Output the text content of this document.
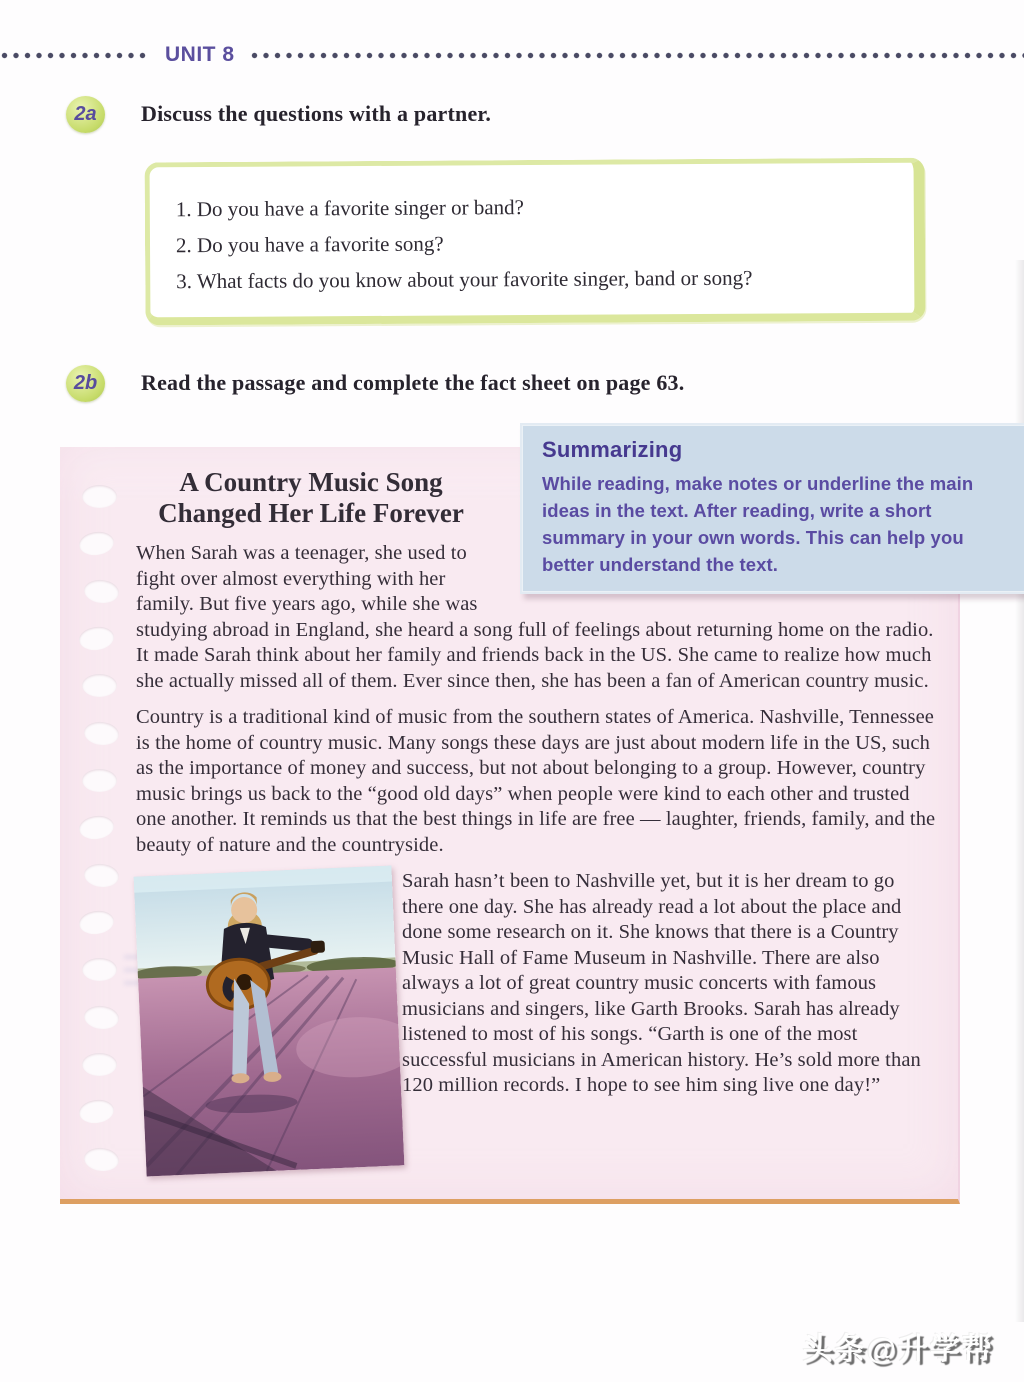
UNIT 8
2a	Discuss the questions with a partner.

1. Do you have a favorite singer or band?

2. Do you have a favorite song?

3. What facts do you know about your favorite singer, band or song?

2b	Read the passage and complete the fact sheet on page 63.
Summarizing

While reading, make notes or underline the main ideas in the text. After reading, write a short summary in your own words. This can help you better understand the text.

A Country Music Song
Changed Her Life Forever

When Sarah was a teenager, she used to fight over almost everything with her family. But five years ago, while she was studying abroad in England, she heard a song full of feelings about returning home on the radio. It made Sarah think about her family and friends back in the US. She came to realize how much she actually missed all of them. Ever since then, she has been a fan of American country music.

Country is a traditional kind of music from the southern states of America. Nashville, Tennessee is the home of country music. Many songs these days are just about modern life in the US, such as the importance of money and success, but not about belonging to a group. However, country music brings us back to the “good old days” when people were kind to each other and trusted one another. It reminds us that the best things in life are free — laughter, friends, family, and the beauty of nature and the countryside.

Sarah hasn’t been to Nashville yet, but it is her dream to go there one day. She has already read a lot about the place and done some research on it. She knows that there is a Country Music Hall of Fame Museum in Nashville. There are also always a lot of great country music concerts with famous musicians and singers, like Garth Brooks. Sarah has already listened to most of his songs. “Garth is one of the most successful musicians in American history. He’s sold more than 120 million records. I hope to see him sing live one day!”

头条@升学帮
